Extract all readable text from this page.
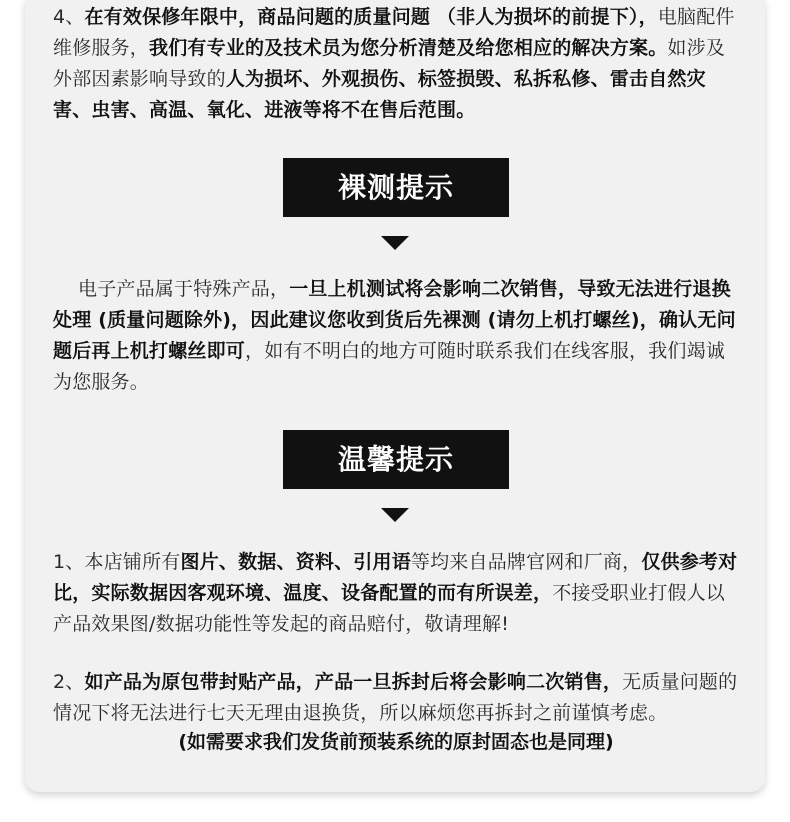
4、在有效保修年限中，商品问题的质量问题 （非人为损坏的前提下），电脑配件维修服务，我们有专业的及技术员为您分析清楚及给您相应的解决方案。如涉及外部因素影响导致的人为损坏、外观损伤、标签损毁、私拆私修、雷击自然灾害、虫害、高温、氧化、进液等将不在售后范围。

裸测提示

电子产品属于特殊产品，一旦上机测试将会影响二次销售，导致无法进行退换处理 (质量问题除外)，因此建议您收到货后先裸测 (请勿上机打螺丝)，确认无问题后再上机打螺丝即可，如有不明白的地方可随时联系我们在线客服，我们竭诚为您服务。

温馨提示

1、本店铺所有图片、数据、资料、引用语等均来自品牌官网和厂商，仅供参考对比，实际数据因客观环境、温度、设备配置的而有所误差，不接受职业打假人以产品效果图/数据功能性等发起的商品赔付，敬请理解!

2、如产品为原包带封贴产品，产品一旦拆封后将会影响二次销售，无质量问题的情况下将无法进行七天无理由退换货，所以麻烦您再拆封之前谨慎考虑。

(如需要求我们发货前预装系统的原封固态也是同理)
